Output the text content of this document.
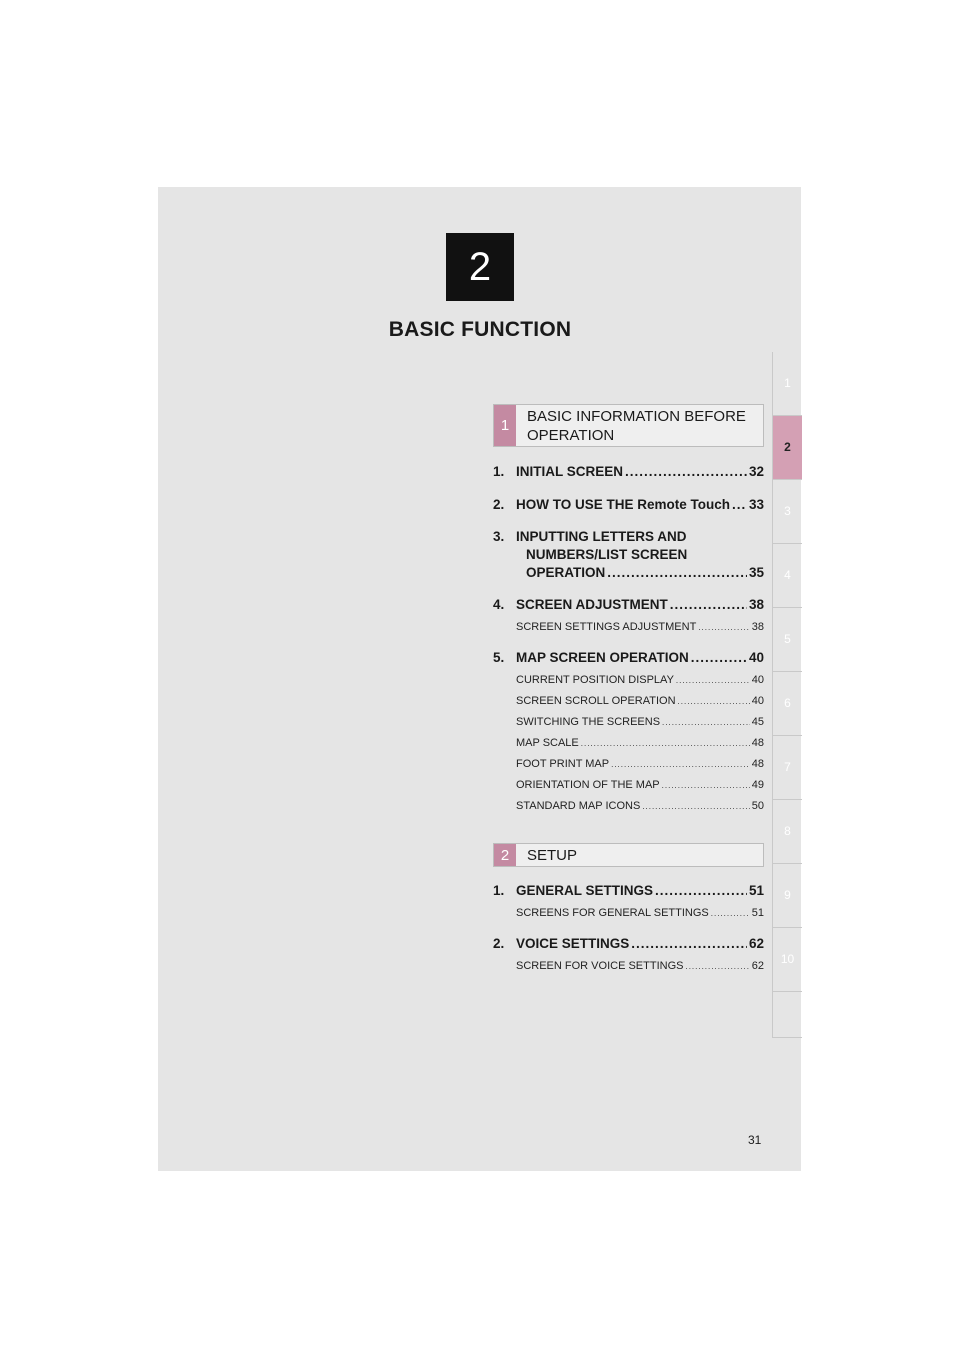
2
BASIC FUNCTION
1
2
3
4
5
6
7
8
9
10
1
BASIC INFORMATION BEFORE
OPERATION
1. INITIAL SCREEN .....	32
2. HOW TO USE THE Remote Touch ..... 33
3. INPUTTING LETTERS AND
NUMBERS/LIST SCREEN
OPERATION .....	35
4. SCREEN ADJUSTMENT .....	38
SCREEN SETTINGS ADJUSTMENT .....	38
5. MAP SCREEN OPERATION .....	40
CURRENT POSITION DISPLAY .....	40
SCREEN SCROLL OPERATION .....	40
SWITCHING THE SCREENS .....	45
MAP SCALE .....	48
FOOT PRINT MAP .....	48
ORIENTATION OF THE MAP .....	49
STANDARD MAP ICONS .....	50
2	SETUP
1. GENERAL SETTINGS .....	51
SCREENS FOR GENERAL SETTINGS .....	51
2. VOICE SETTINGS .....	62
SCREEN FOR VOICE SETTINGS .....	62
31
